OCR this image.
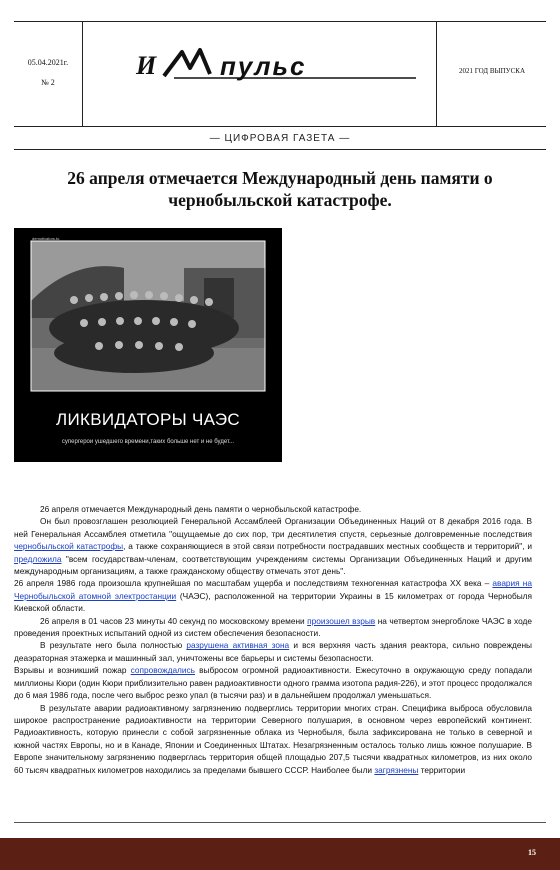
05.04.2021г.
№ 2
2021 ГОД ВЫПУСКА
И пульс
— ЦИФРОВАЯ ГАЗЕТА —
26 апреля отмечается Международный день памяти о чернобыльской катастрофе.
demotivators.to
ЛИКВИДАТОРЫ ЧАЭС
супергерои ушедшего времени,таких больше нет и не будет...

26 апреля отмечается Международный день памяти о чернобыльской катастрофе.

Он был провозглашен резолюцией Генеральной Ассамблеей Организации Объединенных Наций от 8 декабря 2016 года. В ней Генеральная Ассамблея отметила "ощущаемые до сих пор, три десятилетия спустя, серьезные долговременные последствия чернобыльской катастрофы, а также сохраняющиеся в этой связи потребности пострадавших местных сообществ и территорий", и предложила "всем государствам-членам, соответствующим учреждениям системы Организации Объединенных Наций и другим международным организациям, а также гражданскому обществу отмечать этот день".

26 апреля 1986 года произошла крупнейшая по масштабам ущерба и последствиям техногенная катастрофа XX века – авария на Чернобыльской атомной электростанции (ЧАЭС), расположенной на территории Украины в 15 километрах от города Чернобыля Киевской области.

26 апреля в 01 часов 23 минуты 40 секунд по московскому времени произошел взрыв на четвертом энергоблоке ЧАЭС в ходе проведения проектных испытаний одной из систем обеспечения безопасности.

В результате него была полностью разрушена активная зона и вся верхняя часть здания реактора, сильно повреждены деаэраторная этажерка и машинный зал, уничтожены все барьеры и системы безопасности.

Взрывы и возникший пожар сопровождались выбросом огромной радиоактивности. Ежесуточно в окружающую среду попадали миллионы Кюри (один Кюри приблизительно равен радиоактивности одного грамма изотопа радия-226), и этот процесс продолжался до 6 мая 1986 года, после чего выброс резко упал (в тысячи раз) и в дальнейшем продолжал уменьшаться.

В результате аварии радиоактивному загрязнению подверглись территории многих стран. Специфика выброса обусловила широкое распространение радиоактивности на территории Северного полушария, в основном через европейский континент. Радиоактивность, которую принесли с собой загрязненные облака из Чернобыля, была зафиксирована не только в северной и южной частях Европы, но и в Канаде, Японии и Соединенных Штатах. Незагрязненным осталось только лишь южное полушарие. В Европе значительному загрязнению подверглась территория общей площадью 207,5 тысячи квадратных километров, из них около 60 тысяч квадратных километров находились за пределами бывшего СССР. Наиболее были загрязнены территории

15
